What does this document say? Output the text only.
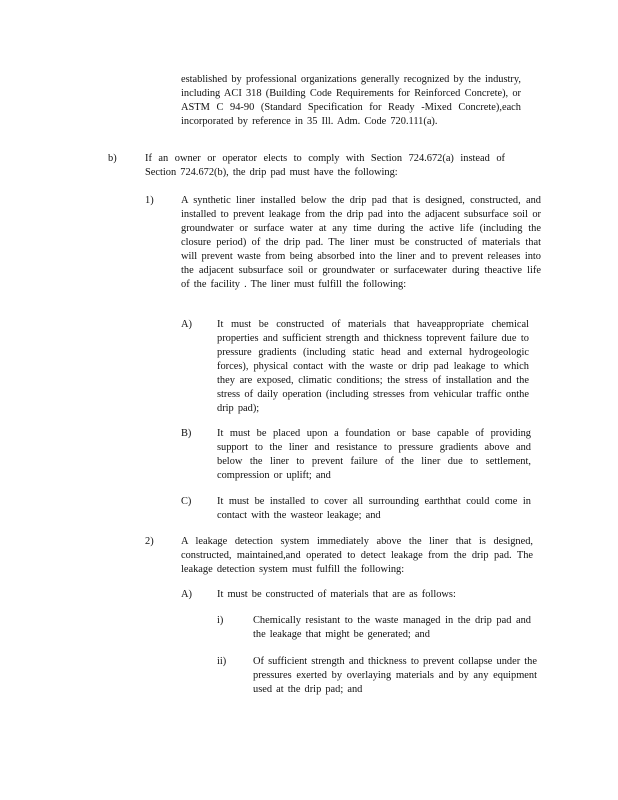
established by professional organizations generally recognized by the industry, including ACI 318 (Building Code Requirements for Reinforced Concrete), or ASTM C 94-90 (Standard Specification for Ready -Mixed Concrete),each incorporated by reference in 35 Ill. Adm. Code 720.111(a).
b)	If an owner or operator elects to comply with Section 724.672(a) instead of Section 724.672(b), the drip pad must have the following:
1)	A synthetic liner installed below the drip pad that is designed, constructed, and installed to prevent leakage from the drip pad into the adjacent subsurface soil or groundwater or surface water at any time during the active life (including the closure period) of the drip pad. The liner must be constructed of materials that will prevent waste from being absorbed into the liner and to prevent releases into the adjacent subsurface soil or groundwater or surfacewater during theactive life of the facility . The liner must fulfill the following:
A) It must be constructed of materials that haveappropriate chemical properties and sufficient strength and thickness toprevent failure due to pressure gradients (including static head and external hydrogeologic forces), physical contact with the waste or drip pad leakage to which they are exposed, climatic conditions; the stress of installation and the stress of daily operation (including stresses from vehicular traffic onthe drip pad);
B) It must be placed upon a foundation or base capable of providing support to the liner and resistance to pressure gradients above and below the liner to prevent failure of the liner due to settlement, compression or uplift; and
C) It must be installed to cover all surrounding earththat could come in contact with the wasteor leakage; and
2)	A leakage detection system immediately above the liner that is designed, constructed, maintained,and operated to detect leakage from the drip pad. The leakage detection system must fulfill the following:
A) It must be constructed of materials that are as follows:
i)	Chemically resistant to the waste managed in the drip pad and the leakage that might be generated; and
ii)	Of sufficient strength and thickness to prevent collapse under the pressures exerted by overlaying materials and by any equipment used at the drip pad; and
